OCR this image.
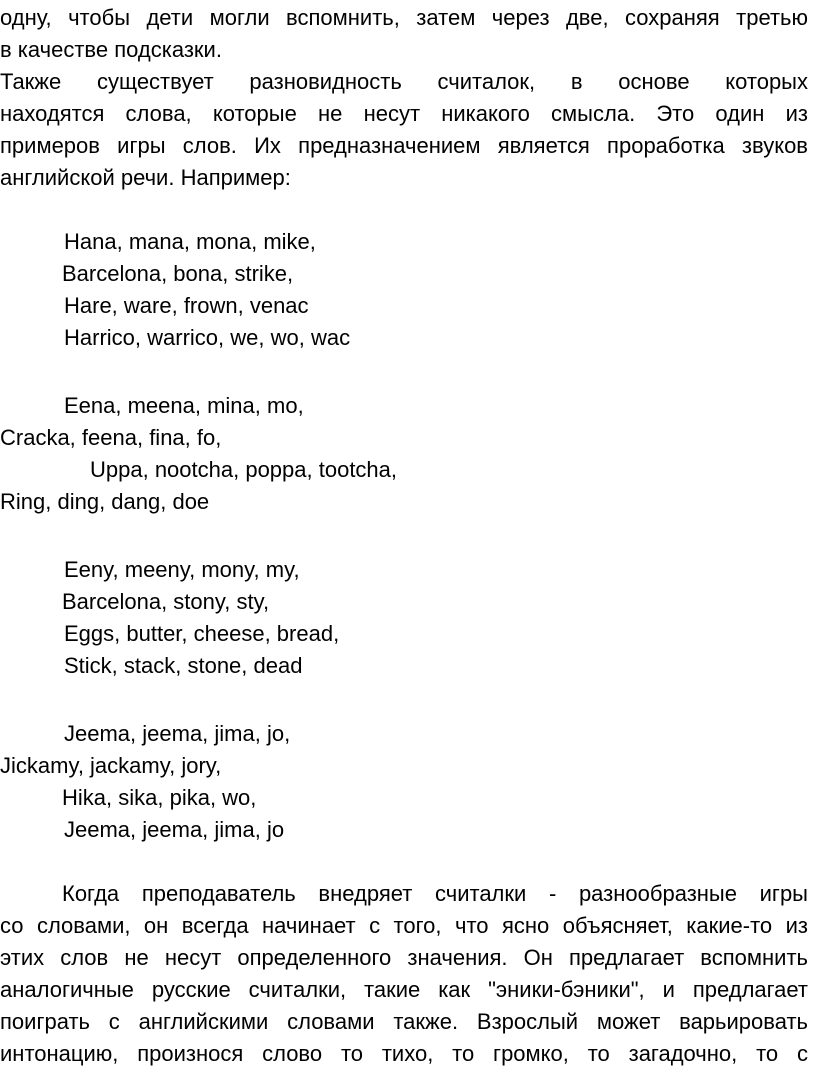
одну, чтобы дети могли вспомнить, затем через две, сохраняя третью
в качестве подсказки.
Также существует разновидность считалок, в основе которых
находятся слова, которые не несут никакого смысла. Это один из
примеров игры слов. Их предназначением является проработка звуков
английской речи. Например:
Hana, mana, mona, mike,
Barcelona, bona, strike,
Hare, ware, frown, venac
Harrico, warrico, we, wo, wac
Eena, meena, mina, mo,
Cracka, feena, fina, fo,
Uppa, nootcha, poppa, tootcha,
Ring, ding, dang, doe
Eeny, meeny, mony, my,
Barcelona, stony, sty,
Eggs, butter, cheese, bread,
Stick, stack, stone, dead
Jeema, jeema, jima, jo,
Jickamy, jackamy, jory,
Hika, sika, pika, wo,
Jeema, jeema, jima, jo
Когда преподаватель внедряет считалки - разнообразные игры
со словами, он всегда начинает с того, что ясно объясняет, какие-то из
этих слов не несут определенного значения. Он предлагает вспомнить
аналогичные русские считалки, такие как "эники-бэники", и предлагает
поиграть с английскими словами также. Взрослый может варьировать
интонацию, произнося слово то тихо, то громко, то загадочно, то с
